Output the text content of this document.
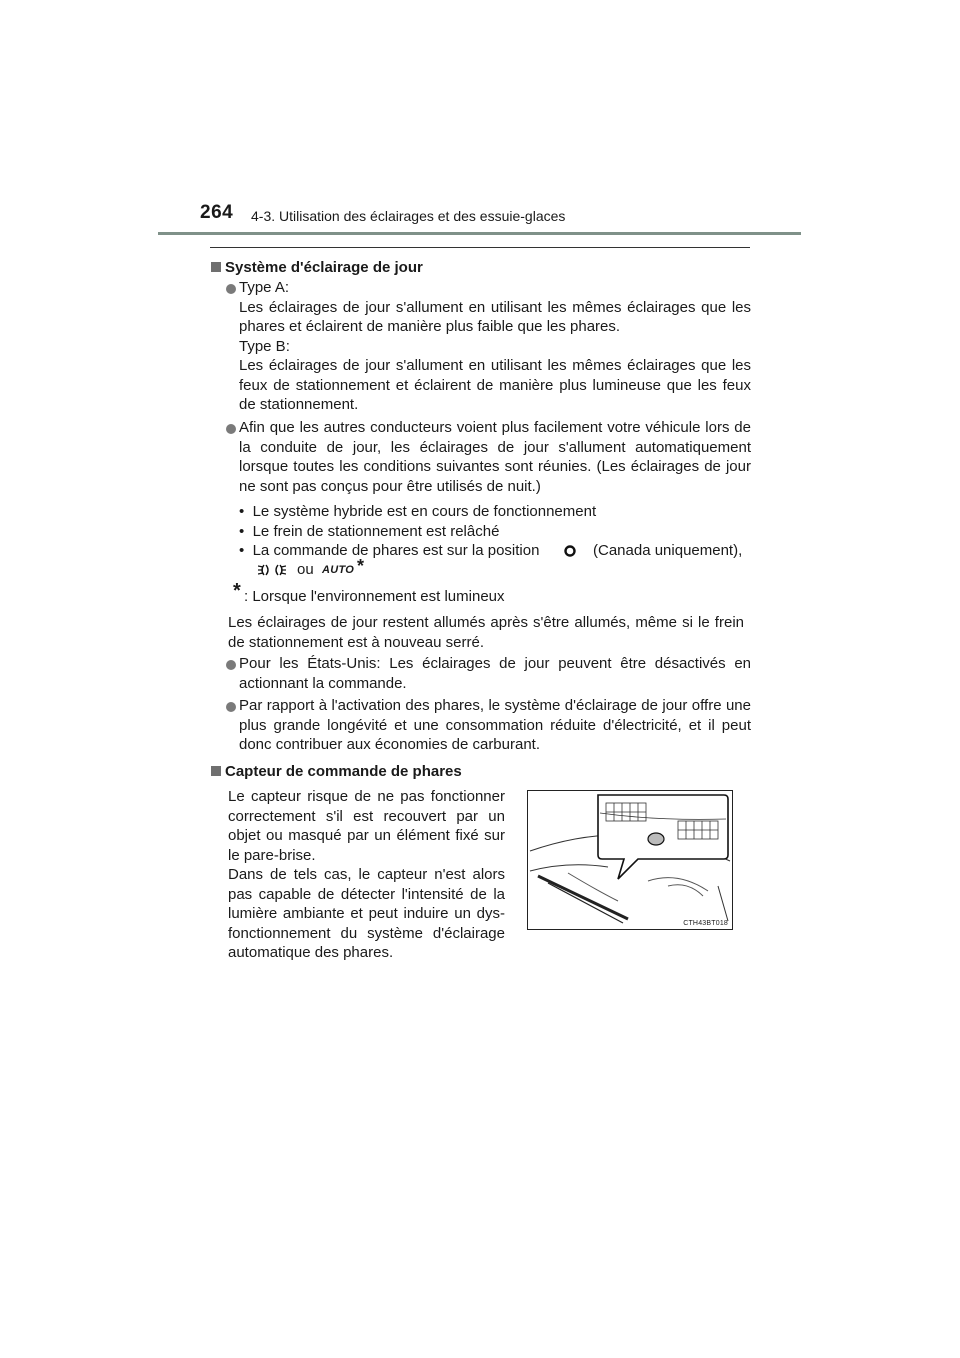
264 4-3. Utilisation des éclairages et des essuie-glaces
Système d'éclairage de jour
Type A:
Les éclairages de jour s'allument en utilisant les mêmes éclairages que les phares et éclairent de manière plus faible que les phares.
Type B:
Les éclairages de jour s'allument en utilisant les mêmes éclairages que les feux de stationnement et éclairent de manière plus lumineuse que les feux de stationnement.
Afin que les autres conducteurs voient plus facilement votre véhicule lors de la conduite de jour, les éclairages de jour s'allument automatiquement lorsque toutes les conditions suivantes sont réunies. (Les éclairages de jour ne sont pas conçus pour être utilisés de nuit.)
•  Le système hybride est en cours de fonctionnement
•  Le frein de stationnement est relâché
•  La commande de phares est sur la position	(Canada uniquement),
ou AUTO *
* : Lorsque l'environnement est lumineux
Les éclairages de jour restent allumés après s'être allumés, même si le frein de stationnement est à nouveau serré.
Pour les États-Unis: Les éclairages de jour peuvent être désactivés en actionnant la commande.
Par rapport à l'activation des phares, le système d'éclairage de jour offre une plus grande longévité et une consommation réduite d'électricité, et il peut donc contribuer aux économies de carburant.
Capteur de commande de phares
Le capteur risque de ne pas fonctionner correctement s'il est recouvert par un objet ou masqué par un élément fixé sur le pare-brise.
Dans de tels cas, le capteur n'est alors pas capable de détecter l'intensité de la lumière ambiante et peut induire un dys- fonctionnement du système d'éclairage automatique des phares.
CTH43BT018
